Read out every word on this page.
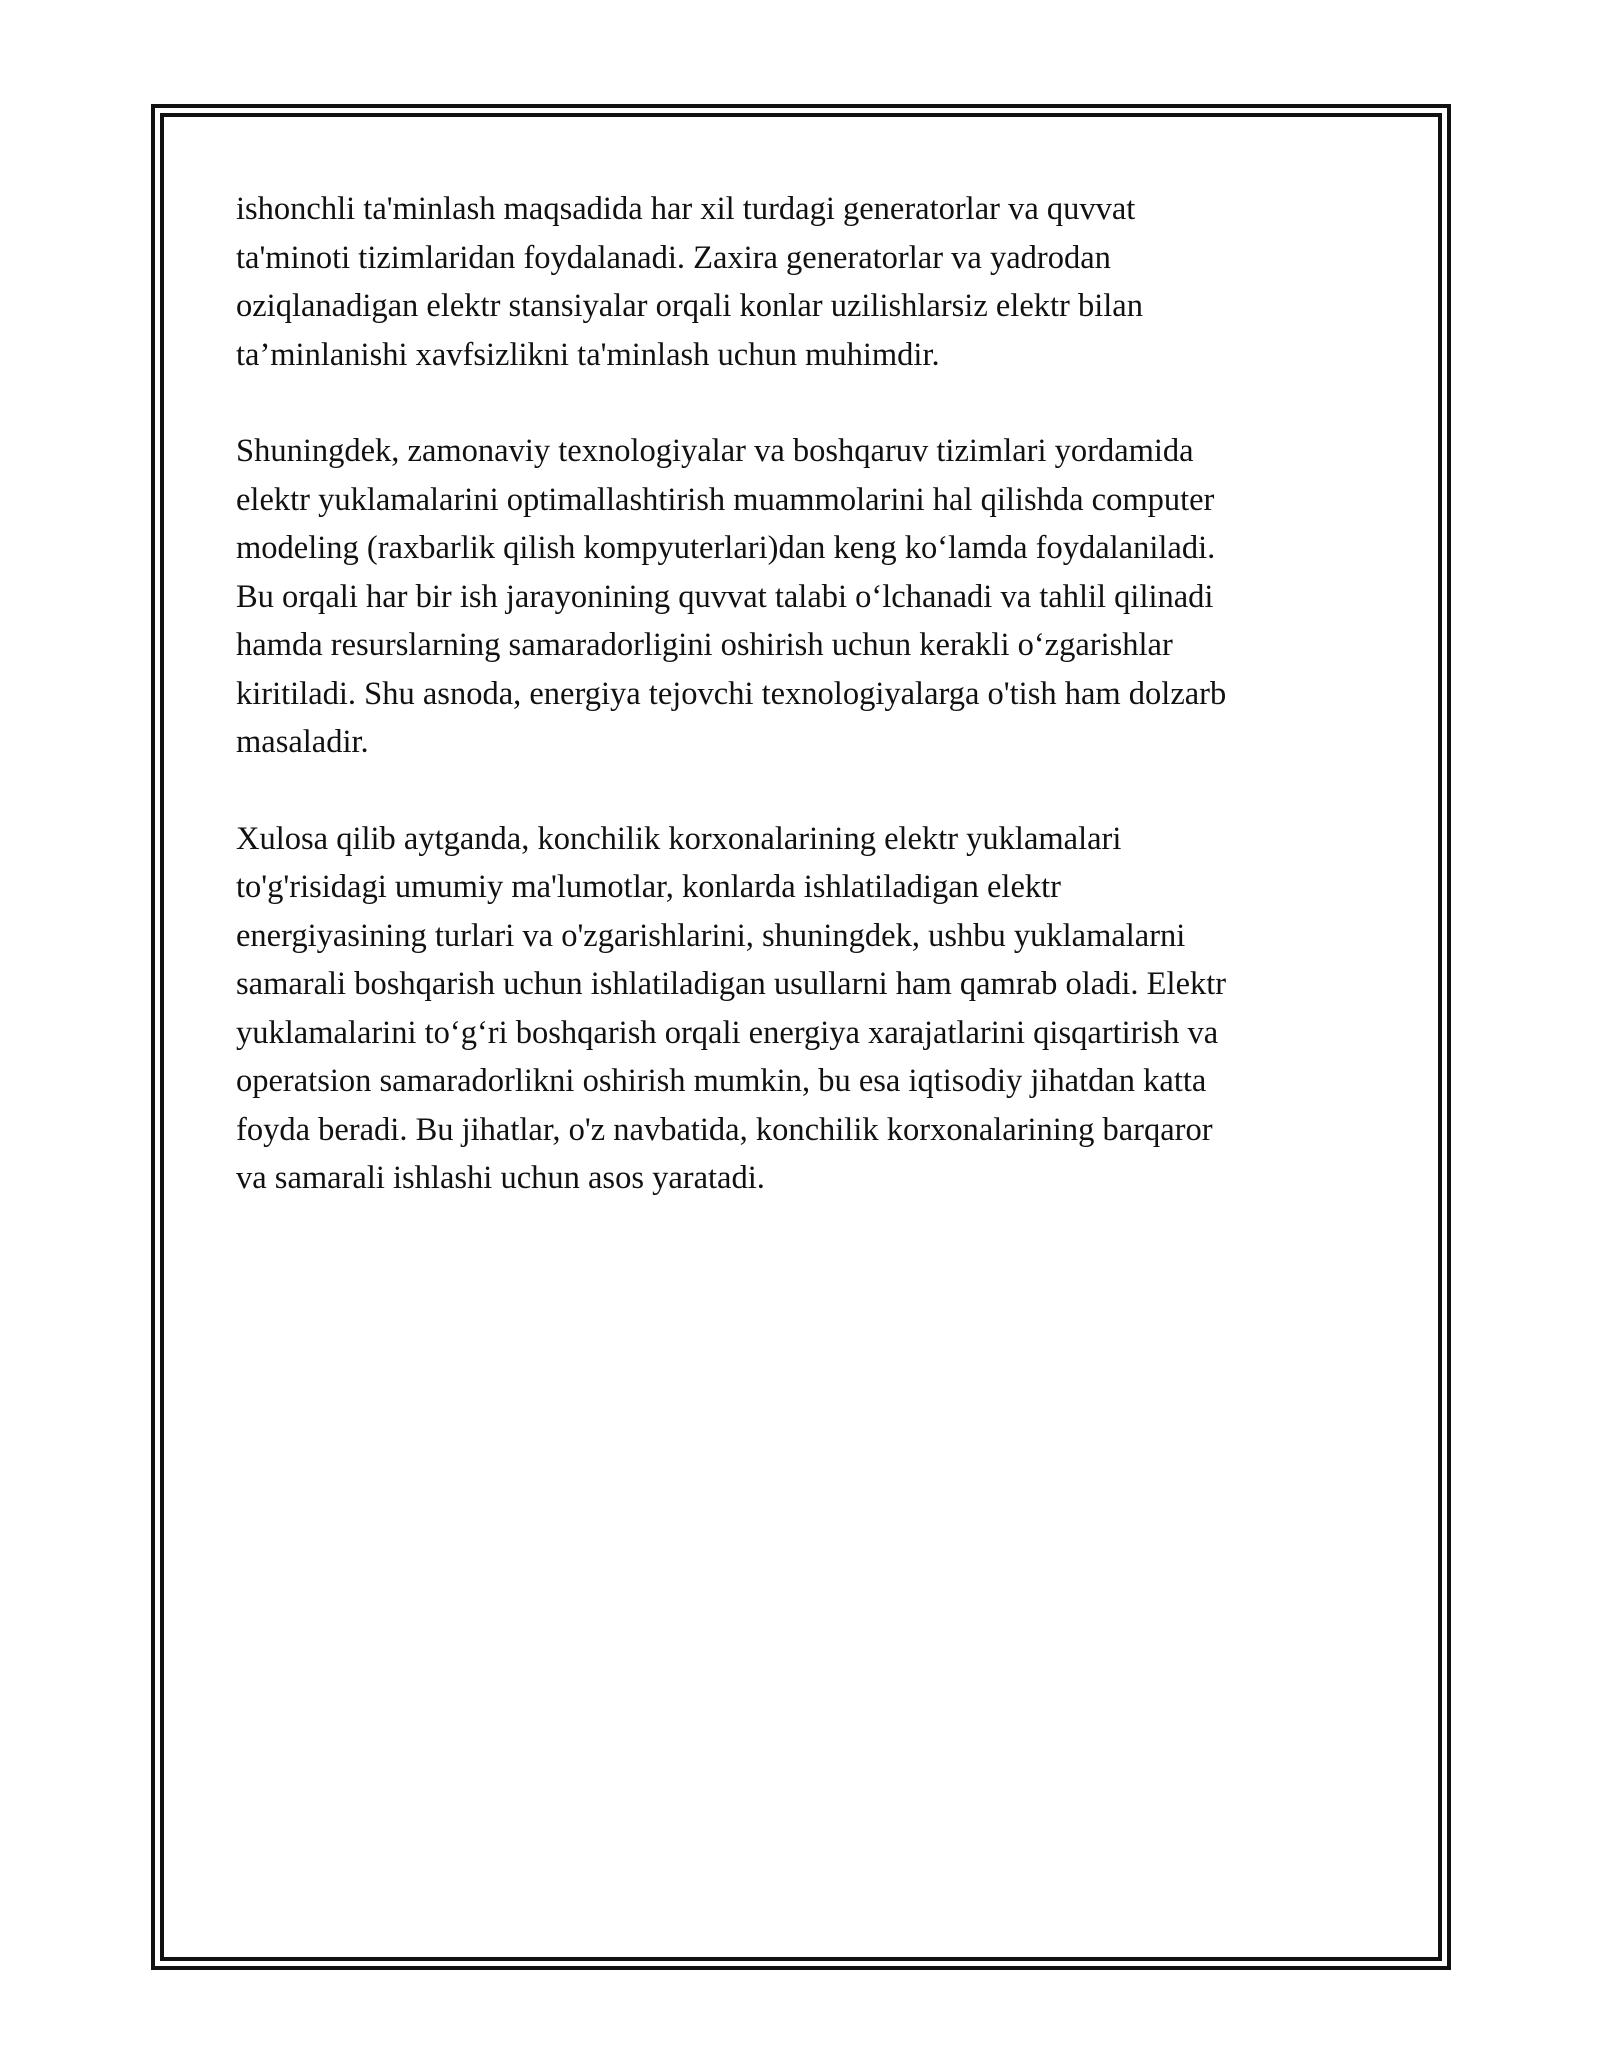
ishonchli ta'minlash maqsadida har xil turdagi generatorlar va quvvat
ta'minoti tizimlaridan foydalanadi. Zaxira generatorlar va yadrodan
oziqlanadigan elektr stansiyalar orqali konlar uzilishlarsiz elektr bilan
ta’minlanishi xavfsizlikni ta'minlash uchun muhimdir.

Shuningdek, zamonaviy texnologiyalar va boshqaruv tizimlari yordamida
elektr yuklamalarini optimallashtirish muammolarini hal qilishda computer
modeling (raxbarlik qilish kompyuterlari)dan keng koʻlamda foydalaniladi.
Bu orqali har bir ish jarayonining quvvat talabi oʻlchanadi va tahlil qilinadi
hamda resurslarning samaradorligini oshirish uchun kerakli oʻzgarishlar
kiritiladi. Shu asnoda, energiya tejovchi texnologiyalarga o'tish ham dolzarb
masaladir.

Xulosa qilib aytganda, konchilik korxonalarining elektr yuklamalari
to'g'risidagi umumiy ma'lumotlar, konlarda ishlatiladigan elektr
energiyasining turlari va o'zgarishlarini, shuningdek, ushbu yuklamalarni
samarali boshqarish uchun ishlatiladigan usullarni ham qamrab oladi. Elektr
yuklamalarini toʻgʻri boshqarish orqali energiya xarajatlarini qisqartirish va
operatsion samaradorlikni oshirish mumkin, bu esa iqtisodiy jihatdan katta
foyda beradi. Bu jihatlar, o'z navbatida, konchilik korxonalarining barqaror
va samarali ishlashi uchun asos yaratadi.
